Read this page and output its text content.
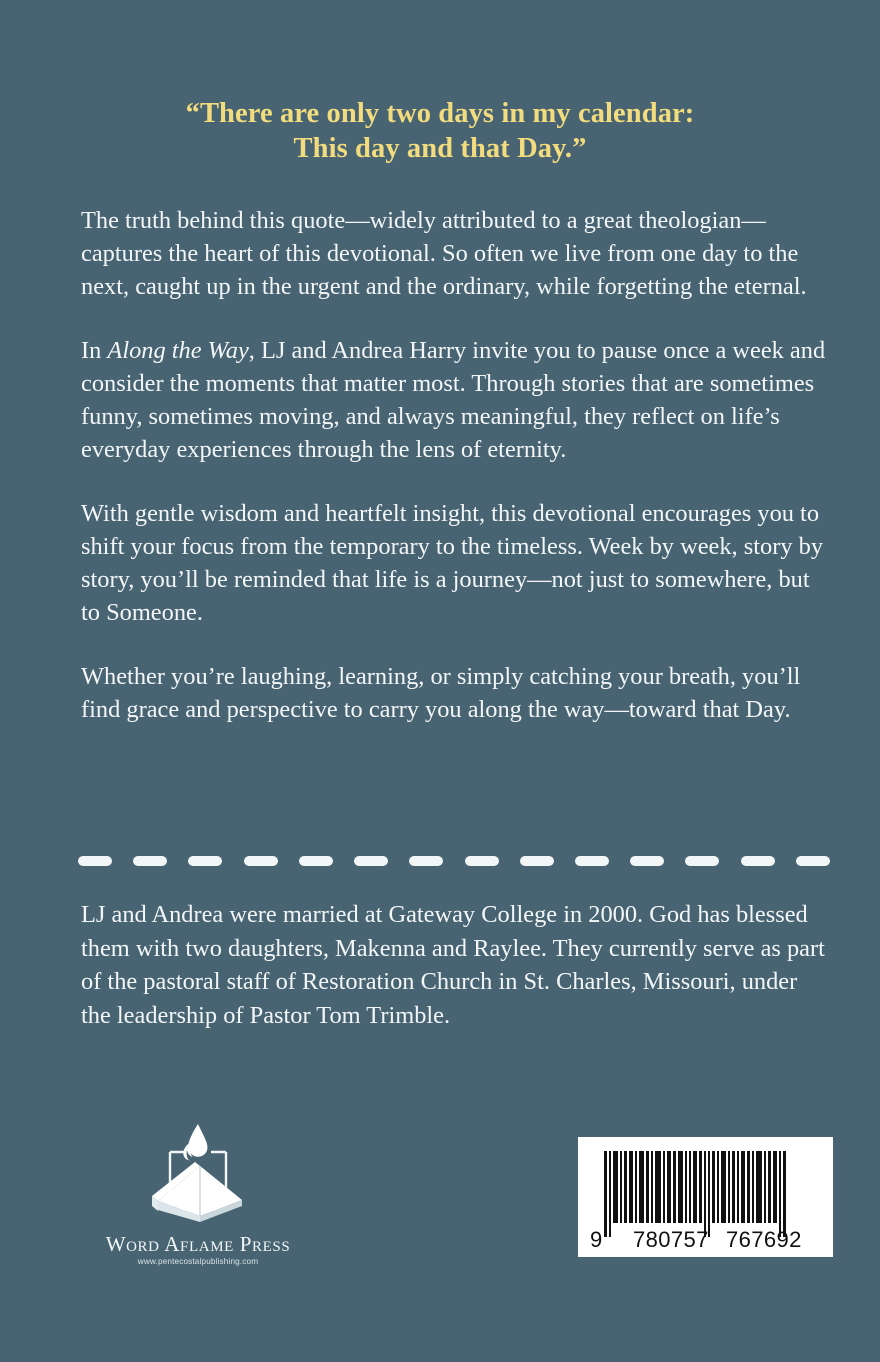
“There are only two days in my calendar:
This day and that Day.”

The truth behind this quote—widely attributed to a great theologian—captures the heart of this devotional. So often we live from one day to the next, caught up in the urgent and the ordinary, while forgetting the eternal.

In Along the Way, LJ and Andrea Harry invite you to pause once a week and consider the moments that matter most. Through stories that are sometimes funny, sometimes moving, and always meaningful, they reflect on life’s everyday experiences through the lens of eternity.

With gentle wisdom and heartfelt insight, this devotional encourages you to shift your focus from the temporary to the timeless. Week by week, story by story, you’ll be reminded that life is a journey—not just to somewhere, but to Someone.

Whether you’re laughing, learning, or simply catching your breath, you’ll find grace and perspective to carry you along the way—toward that Day.

LJ and Andrea were married at Gateway College in 2000. God has blessed them with two daughters, Makenna and Raylee. They currently serve as part of the pastoral staff of Restoration Church in St. Charles, Missouri, under the leadership of Pastor Tom Trimble.

Word Aflame Press
www.pentecostalpublishing.com
9 780757 767692
